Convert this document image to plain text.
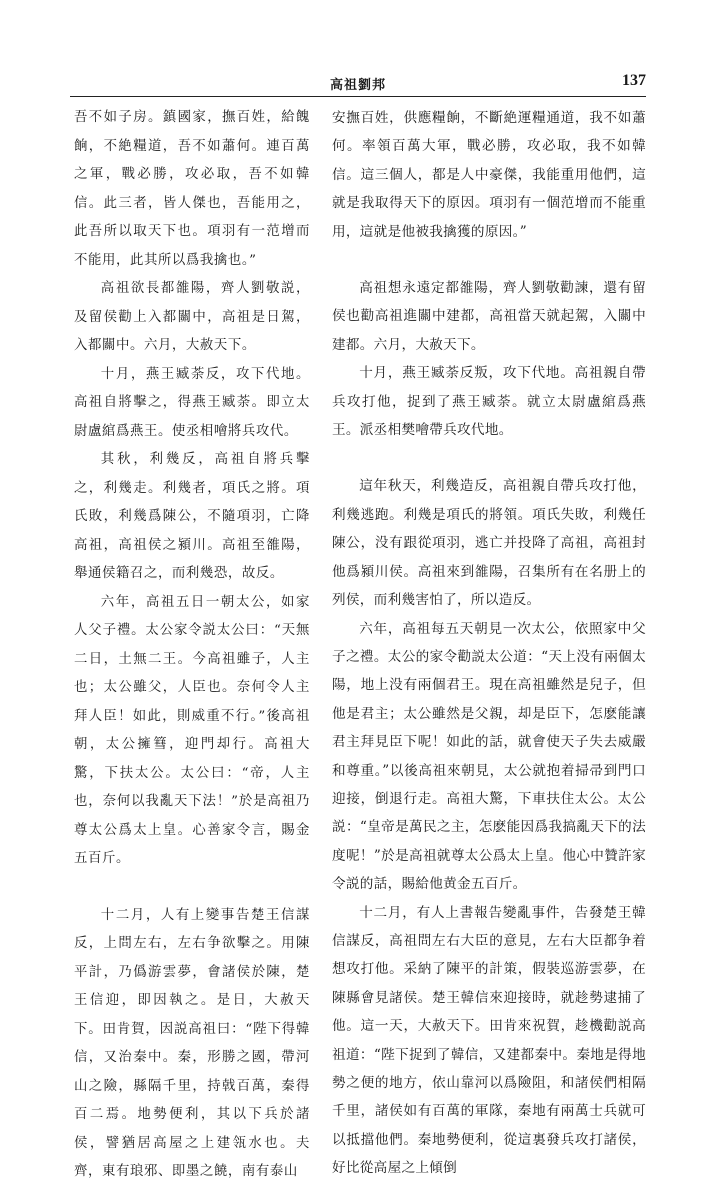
高祖劉邦	137

吾不如子房。鎮國家，撫百姓，給餽餉，不絶糧道，吾不如蕭何。連百萬之軍，戰必勝，攻必取，吾不如韓信。此三者，皆人傑也，吾能用之，此吾所以取天下也。項羽有一范增而不能用，此其所以爲我擒也。”

高祖欲長都雒陽，齊人劉敬説，及留侯勸上入都關中，高祖是日駕，入都關中。六月，大赦天下。

十月，燕王臧荼反，攻下代地。高祖自將擊之，得燕王臧荼。即立太尉盧綰爲燕王。使丞相噲將兵攻代。

其秋，利幾反，高祖自將兵擊之，利幾走。利幾者，項氏之將。項氏敗，利幾爲陳公，不隨項羽，亡降高祖，高祖侯之潁川。高祖至雒陽，舉通侯籍召之，而利幾恐，故反。

六年，高祖五日一朝太公，如家人父子禮。太公家令説太公曰：“天無二日，土無二王。今高祖雖子，人主也；太公雖父，人臣也。奈何令人主拜人臣！如此，則威重不行。”後高祖朝，太公擁篲，迎門却行。高祖大驚，下扶太公。太公曰：“帝，人主也，奈何以我亂天下法！”於是高祖乃尊太公爲太上皇。心善家令言，賜金五百斤。

十二月，人有上變事告楚王信謀反，上問左右，左右争欲擊之。用陳平計，乃僞游雲夢，會諸侯於陳，楚王信迎，即因執之。是日，大赦天下。田肯賀，因説高祖曰：“陛下得韓信，又治秦中。秦，形勝之國，帶河山之險，縣隔千里，持戟百萬，秦得百二焉。地勢便利，其以下兵於諸侯，譬猶居高屋之上建瓴水也。夫齊，東有琅邪、即墨之饒，南有泰山

安撫百姓，供應糧餉，不斷絶運糧通道，我不如蕭何。率領百萬大軍，戰必勝，攻必取，我不如韓信。這三個人，都是人中豪傑，我能重用他們，這就是我取得天下的原因。項羽有一個范增而不能重用，這就是他被我擒獲的原因。”

高祖想永遠定都雒陽，齊人劉敬勸諫，還有留侯也勸高祖進關中建都，高祖當天就起駕，入關中建都。六月，大赦天下。

十月，燕王臧荼反叛，攻下代地。高祖親自帶兵攻打他，捉到了燕王臧荼。就立太尉盧綰爲燕王。派丞相樊噲帶兵攻代地。

這年秋天，利幾造反，高祖親自帶兵攻打他，利幾逃跑。利幾是項氏的將領。項氏失敗，利幾任陳公，没有跟從項羽，逃亡并投降了高祖，高祖封他爲潁川侯。高祖來到雒陽，召集所有在名册上的列侯，而利幾害怕了，所以造反。

六年，高祖每五天朝見一次太公，依照家中父子之禮。太公的家令勸説太公道：“天上没有兩個太陽，地上没有兩個君王。現在高祖雖然是兒子，但他是君主；太公雖然是父親，却是臣下，怎麽能讓君主拜見臣下呢！如此的話，就會使天子失去威嚴和尊重。”以後高祖來朝見，太公就抱着掃帚到門口迎接，倒退行走。高祖大驚，下車扶住太公。太公説：“皇帝是萬民之主，怎麽能因爲我搞亂天下的法度呢！”於是高祖就尊太公爲太上皇。他心中贊許家令説的話，賜給他黄金五百斤。

十二月，有人上書報告變亂事件，告發楚王韓信謀反，高祖問左右大臣的意見，左右大臣都争着想攻打他。采納了陳平的計策，假裝巡游雲夢，在陳縣會見諸侯。楚王韓信來迎接時，就趁勢逮捕了他。這一天，大赦天下。田肯來祝賀，趁機勸説高祖道：“陛下捉到了韓信，又建都秦中。秦地是得地勢之便的地方，依山靠河以爲險阻，和諸侯們相隔千里，諸侯如有百萬的軍隊，秦地有兩萬士兵就可以抵擋他們。秦地勢便利，從這裏發兵攻打諸侯，好比從高屋之上傾倒
